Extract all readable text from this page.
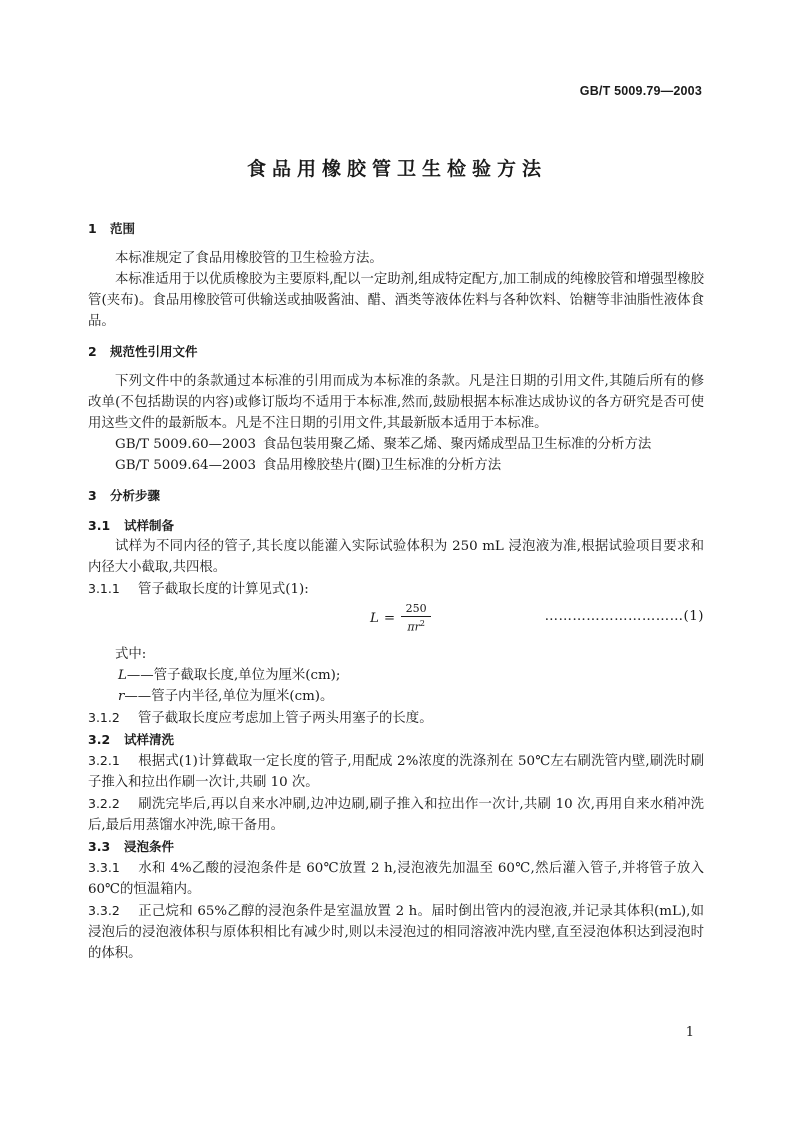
GB/T 5009.79—2003
食品用橡胶管卫生检验方法
1 范围

本标准规定了食品用橡胶管的卫生检验方法。

本标准适用于以优质橡胶为主要原料,配以一定助剂,组成特定配方,加工制成的纯橡胶管和增强型橡胶管(夹布)。食品用橡胶管可供输送或抽吸酱油、醋、酒类等液体佐料与各种饮料、饴糖等非油脂性液体食品。

2 规范性引用文件

下列文件中的条款通过本标准的引用而成为本标准的条款。凡是注日期的引用文件,其随后所有的修改单(不包括勘误的内容)或修订版均不适用于本标准,然而,鼓励根据本标准达成协议的各方研究是否可使用这些文件的最新版本。凡是不注日期的引用文件,其最新版本适用于本标准。

GB/T 5009.60—2003 食品包装用聚乙烯、聚苯乙烯、聚丙烯成型品卫生标准的分析方法
GB/T 5009.64—2003 食品用橡胶垫片(圈)卫生标准的分析方法
3 分析步骤
3.1 试样制备

试样为不同内径的管子,其长度以能灌入实际试验体积为 250 mL 浸泡液为准,根据试验项目要求和内径大小截取,共四根。

3.1.1 管子截取长度的计算见式(1):
$L = \frac{250}{\pi r^2}$	…………………………(1)

式中:

L——管子截取长度,单位为厘米(cm);
r——管子内半径,单位为厘米(cm)。
3.1.2 管子截取长度应考虑加上管子两头用塞子的长度。
3.2 试样清洗

3.2.1 根据式(1)计算截取一定长度的管子,用配成 2%浓度的洗涤剂在 50℃左右刷洗管内壁,刷洗时刷子推入和拉出作刷一次计,共刷 10 次。

3.2.2 刷洗完毕后,再以自来水冲刷,边冲边刷,刷子推入和拉出作一次计,共刷 10 次,再用自来水稍冲洗后,最后用蒸馏水冲洗,晾干备用。

3.3 浸泡条件

3.3.1 水和 4%乙酸的浸泡条件是 60℃放置 2 h,浸泡液先加温至 60℃,然后灌入管子,并将管子放入 60℃的恒温箱内。

3.3.2 正己烷和 65%乙醇的浸泡条件是室温放置 2 h。届时倒出管内的浸泡液,并记录其体积(mL),如浸泡后的浸泡液体积与原体积相比有减少时,则以未浸泡过的相同溶液冲洗内壁,直至浸泡体积达到浸泡时的体积。

1
